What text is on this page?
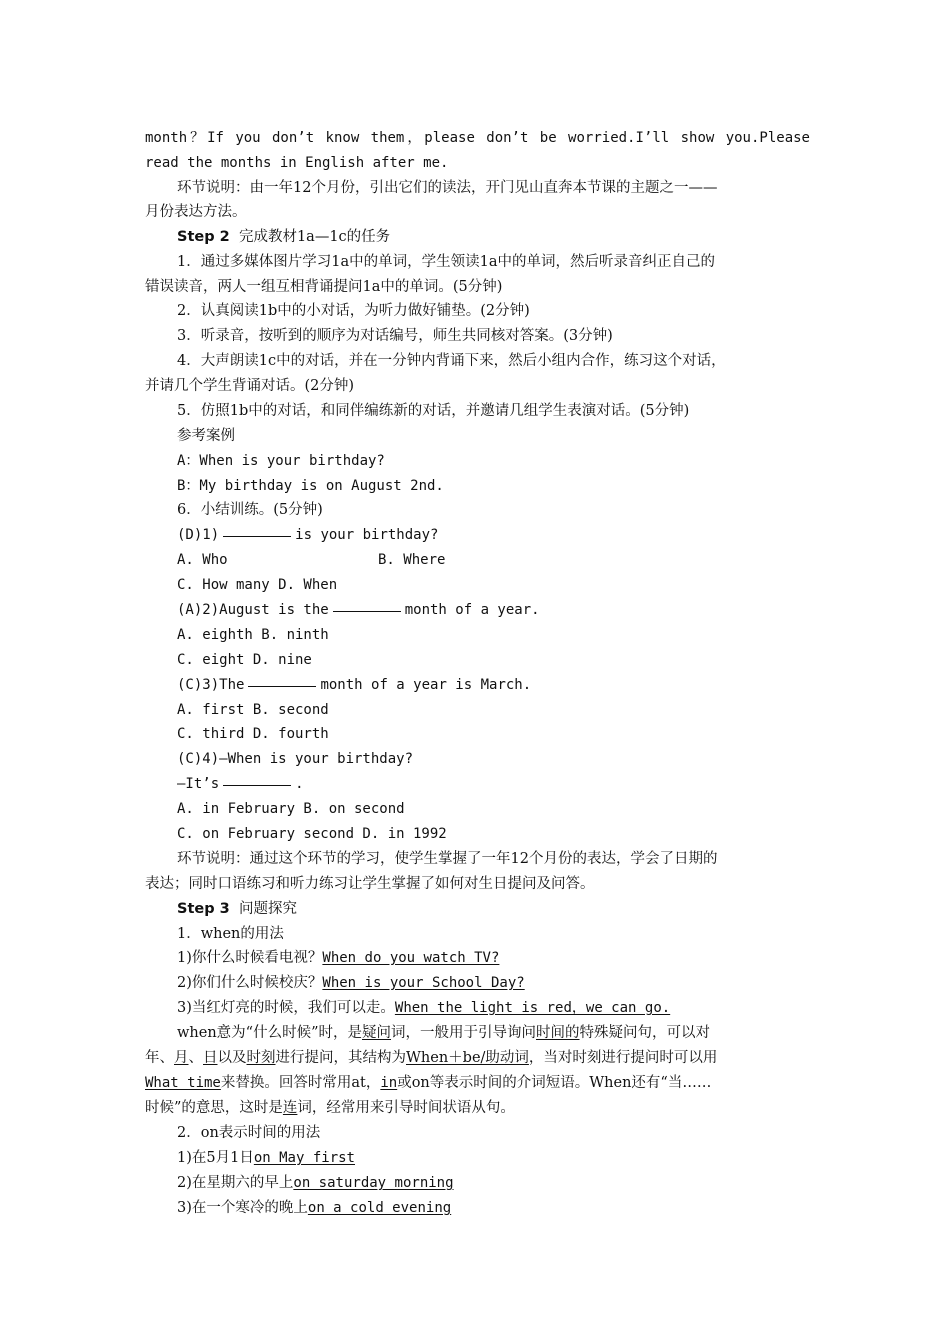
month？If you don’t know them，please don’t be worried.I’ll show you.Please
read the months in English after me.
环节说明：由一年12个月份，引出它们的读法，开门见山直奔本节课的主题之一——
月份表达方法。
Step 2 完成教材1a—1c的任务
1．通过多媒体图片学习1a中的单词，学生领读1a中的单词，然后听录音纠正自己的
错误读音，两人一组互相背诵提问1a中的单词。(5分钟)
2．认真阅读1b中的小对话，为听力做好铺垫。(2分钟)
3．听录音，按听到的顺序为对话编号，师生共同核对答案。(3分钟)
4．大声朗读1c中的对话，并在一分钟内背诵下来，然后小组内合作，练习这个对话，
并请几个学生背诵对话。(2分钟)
5．仿照1b中的对话，和同伴编练新的对话，并邀请几组学生表演对话。(5分钟)
参考案例
A：When is your birthday?
B：My birthday is on August 2nd.
6．小结训练。(5分钟)
(D)1)	is your birthday?
A. Who	B. Where
C. How many D. When
(A)2)August is the	month of a year.
A. eighth B. ninth
C. eight D. nine
(C)3)The	month of a year is March.
A. first B. second
C. third D. fourth
(C)4)—When is your birthday?
—It’s	.
A. in February B. on second
C. on February second D. in 1992
环节说明：通过这个环节的学习，使学生掌握了一年12个月份的表达，学会了日期的
表达；同时口语练习和听力练习让学生掌握了如何对生日提问及问答。
Step 3 问题探究
1．when的用法
1)你什么时候看电视？When do you watch TV?
2)你们什么时候校庆？When is your School Day?
3)当红灯亮的时候，我们可以走。When the light is red，we can go.
when意为“什么时候”时，是疑问词，一般用于引导询问时间的特殊疑问句，可以对
年、月、日以及时刻进行提问，其结构为When＋be/助动词，当对时刻进行提问时可以用
What time来替换。回答时常用at，in或on等表示时间的介词短语。When还有“当……
时候”的意思，这时是连词，经常用来引导时间状语从句。
2．on表示时间的用法
1)在5月1日on May first
2)在星期六的早上on saturday morning
3)在一个寒冷的晚上on a cold evening
